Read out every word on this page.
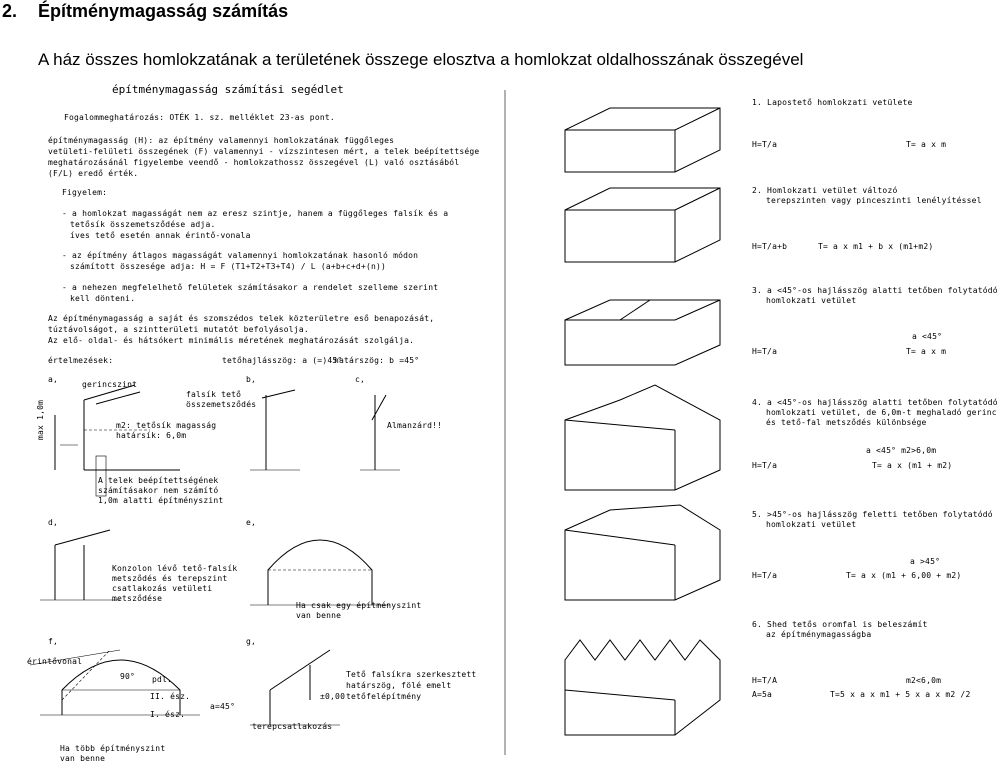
2. Építménymagasság számítás
A ház összes homlokzatának a területének összege elosztva a homlokzat oldalhosszának összegével
építménymagasság számítási segédlet
Fogalommeghatározás: OTÉK 1. sz. melléklet 23-as pont.
építménymagasság (H): az építmény valamennyi homlokzatának függőleges
vetületi-felületi összegének (F) valamennyi - vízszintesen mért, a telek beépítettsége
meghatározásánál figyelembe veendő - homlokzathossz összegével (L) való osztásából
(F/L) eredő érték.
Figyelem:
- a homlokzat magasságát nem az eresz szintje, hanem a függőleges falsík és a
tetősík összemetsződése adja.
íves tető esetén annak érintő-vonala
- az építmény átlagos magasságát valamennyi homlokzatának hasonló módon
számított összesége adja: H = F (T1+T2+T3+T4) / L (a+b+c+d+(n))
- a nehezen megfelelhető felületek számításakor a rendelet szelleme szerint
kell dönteni.
Az építménymagasság a saját és szomszédos telek közterületre eső benapozását,
túztávolságot, a szintterületi mutatót befolyásolja.
Az elő- oldal- és hátsókert minimális méretének meghatározását szolgálja.
értelmezések:	tetőhajlásszög: a (=)45°
határszög: b =45°
a,	b,	c,
d,	e,
f,	g,
gerincszint
falsík tető
összemetsződés
m2: tetősík magasság
határsík: 6,0m
max 1,0m
A telek beépítettségének
számításakor nem számító
1,0m alatti építményszint
Almanzárd!!
Konzolon lévő tető-falsík
metsződés és terepszint
csatlakozás vetületi
metsződése
Ha csak egy építményszint
van benne
érintővonal
90° pdl.
II. ész.
I. ész.
a=45°
terepcsatlakozás
±0,00
Tető falsíkra szerkesztett
határszög, fölé emelt
tetőfelépítmény
Ha több építményszint
van benne
1. Lapostető homlokzati vetülete
H=T/a	T= a x m
2. Homlokzati vetület változó
terepszinten vagy pinceszinti lenélyítéssel
H=T/a+b	T= a x m1 + b x (m1+m2)
3. a <45°-os hajlásszög alatti tetőben folytatódó
homlokzati vetület
a <45°
H=T/a	T= a x m
4. a <45°-os hajlásszög alatti tetőben folytatódó
homlokzati vetület, de 6,0m-t meghaladó gerinc
és tető-fal metsződés különbsége
a <45° m2>6,0m
H=T/a	T= a x (m1 + m2)
5. >45°-os hajlásszög feletti tetőben folytatódó
homlokzati vetület
a >45°
H=T/a	T= a x (m1 + 6,00 + m2)
6. Shed tetős oromfal is beleszámít
az építménymagasságba
H=T/A	m2<6,0m
A=5a	T=5 x a x m1 + 5 x a x m2 /2
